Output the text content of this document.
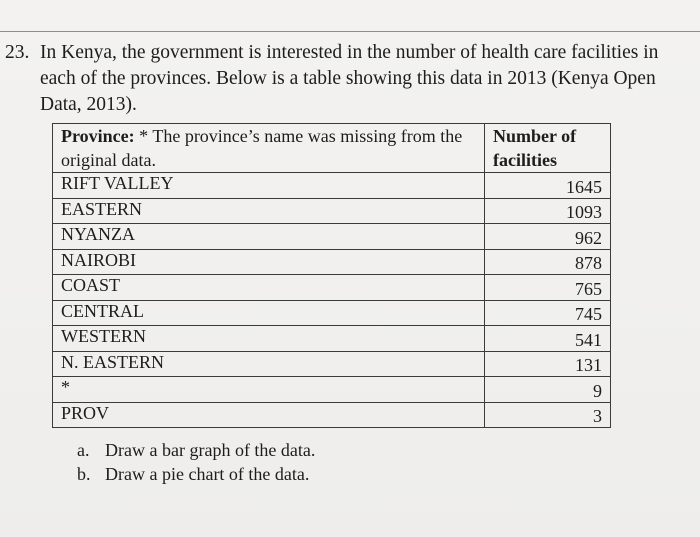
23. In Kenya, the government is interested in the number of health care facilities in each of the provinces. Below is a table showing this data in 2013 (Kenya Open Data, 2013).
Province: * The province’s name was missing from the original data.	Number of facilities
RIFT VALLEY	1645
EASTERN	1093
NYANZA	962
NAIROBI	878
COAST	765
CENTRAL	745
WESTERN	541
N. EASTERN	131
*	9
PROV	3
a. Draw a bar graph of the data.
b. Draw a pie chart of the data.
